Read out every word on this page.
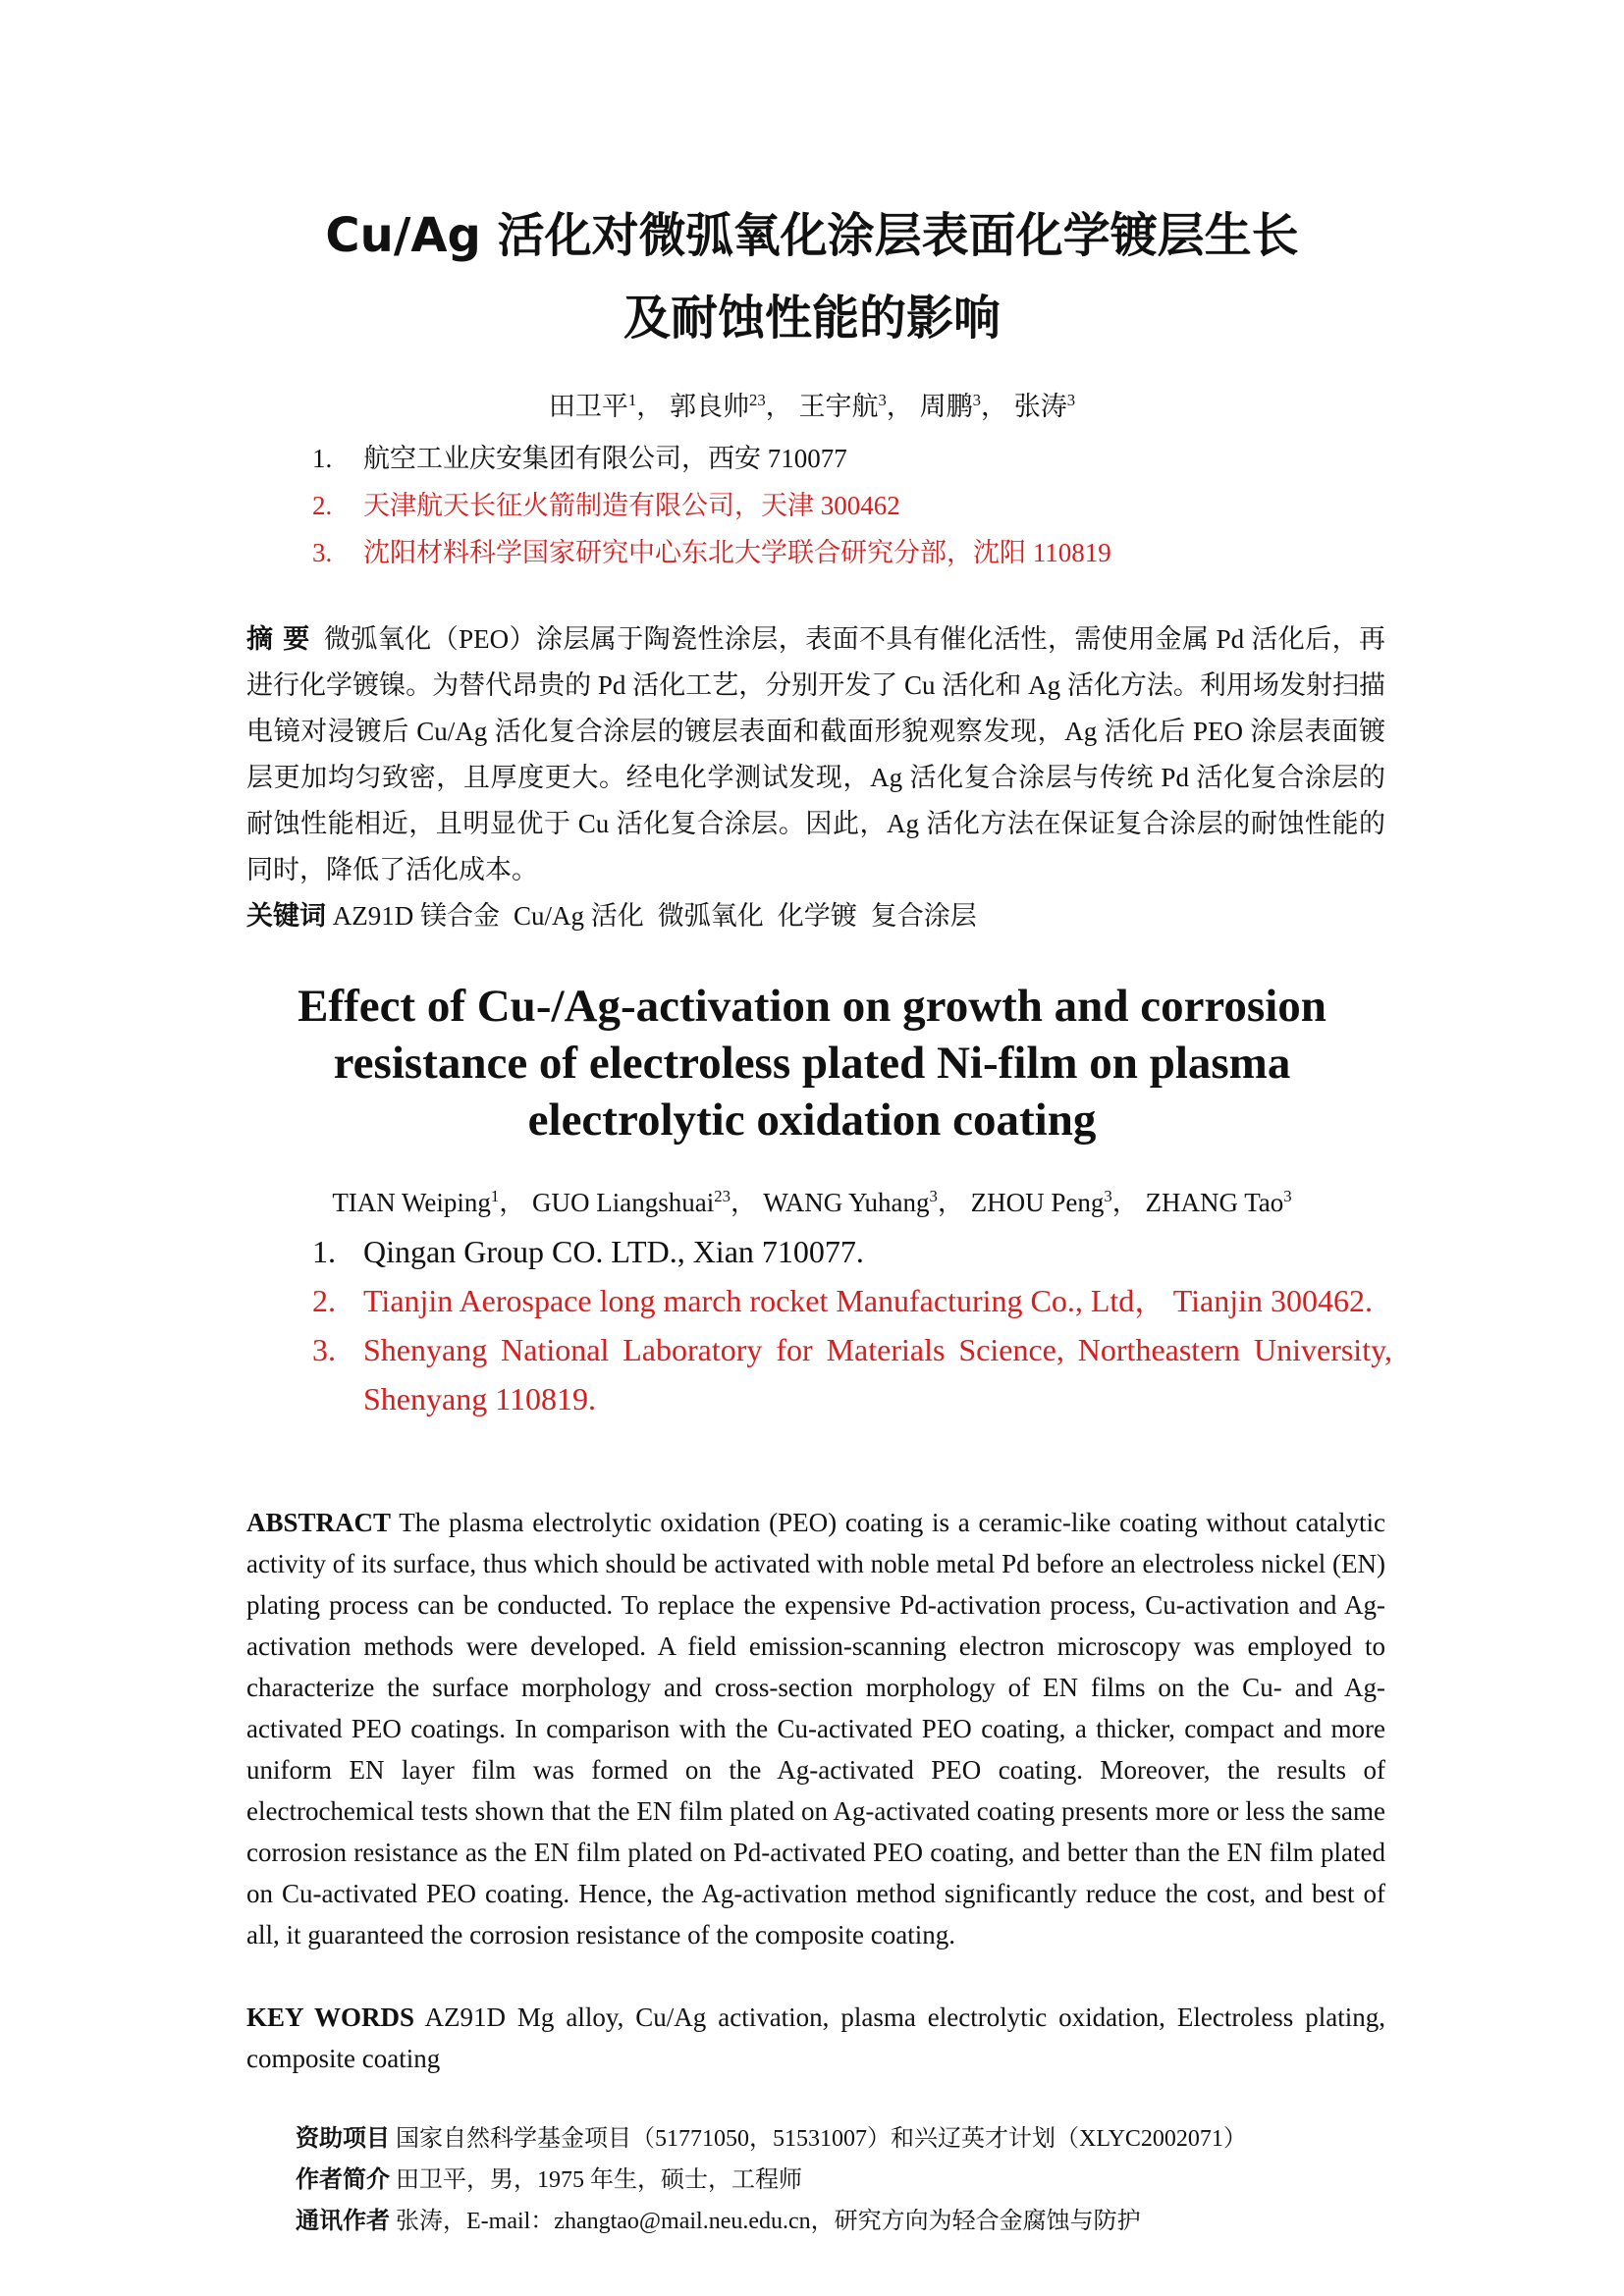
Cu/Ag 活化对微弧氧化涂层表面化学镀层生长
及耐蚀性能的影响
田卫平$^1$， 郭良帅$^{23}$， 王宇航$^3$， 周鹏$^3$， 张涛$^3$
1.	航空工业庆安集团有限公司，西安 710077
2.	天津航天长征火箭制造有限公司，天津 300462
3.	沈阳材料科学国家研究中心东北大学联合研究分部，沈阳 110819

摘 要 微弧氧化（PEO）涂层属于陶瓷性涂层，表面不具有催化活性，需使用金属 Pd 活化后，再进行化学镀镍。为替代昂贵的 Pd 活化工艺，分别开发了 Cu 活化和 Ag 活化方法。利用场发射扫描电镜对浸镀后 Cu/Ag 活化复合涂层的镀层表面和截面形貌观察发现，Ag 活化后 PEO 涂层表面镀层更加均匀致密，且厚度更大。经电化学测试发现，Ag 活化复合涂层与传统 Pd 活化复合涂层的耐蚀性能相近，且明显优于 Cu 活化复合涂层。因此，Ag 活化方法在保证复合涂层的耐蚀性能的同时，降低了活化成本。

关键词 AZ91D 镁合金 Cu/Ag 活化 微弧氧化 化学镀 复合涂层

Effect of Cu-/Ag-activation on growth and corrosion
resistance of electroless plated Ni-film on plasma
electrolytic oxidation coating
TIAN Weiping$^1$， GUO Liangshuai$^{23}$， WANG Yuhang$^3$， ZHOU Peng$^3$， ZHANG Tao$^3$
1. Qingan Group CO. LTD., Xian 710077.
2. Tianjin Aerospace long march rocket Manufacturing Co., Ltd， Tianjin 300462.
3. Shenyang National Laboratory for Materials Science, Northeastern University, Shenyang 110819.

ABSTRACT The plasma electrolytic oxidation (PEO) coating is a ceramic-like coating without catalytic activity of its surface, thus which should be activated with noble metal Pd before an electroless nickel (EN) plating process can be conducted. To replace the expensive Pd-activation process, Cu-activation and Ag-activation methods were developed. A field emission-scanning electron microscopy was employed to characterize the surface morphology and cross-section morphology of EN films on the Cu- and Ag-activated PEO coatings. In comparison with the Cu-activated PEO coating, a thicker, compact and more uniform EN layer film was formed on the Ag-activated PEO coating. Moreover, the results of electrochemical tests shown that the EN film plated on Ag-activated coating presents more or less the same corrosion resistance as the EN film plated on Pd-activated PEO coating, and better than the EN film plated on Cu-activated PEO coating. Hence, the Ag-activation method significantly reduce the cost, and best of all, it guaranteed the corrosion resistance of the composite coating.

KEY WORDS AZ91D Mg alloy, Cu/Ag activation, plasma electrolytic oxidation, Electroless plating, composite coating

资助项目 国家自然科学基金项目（51771050，51531007）和兴辽英才计划（XLYC2002071）
作者简介 田卫平，男，1975 年生，硕士，工程师
通讯作者 张涛，E-mail：zhangtao@mail.neu.edu.cn，研究方向为轻合金腐蚀与防护
